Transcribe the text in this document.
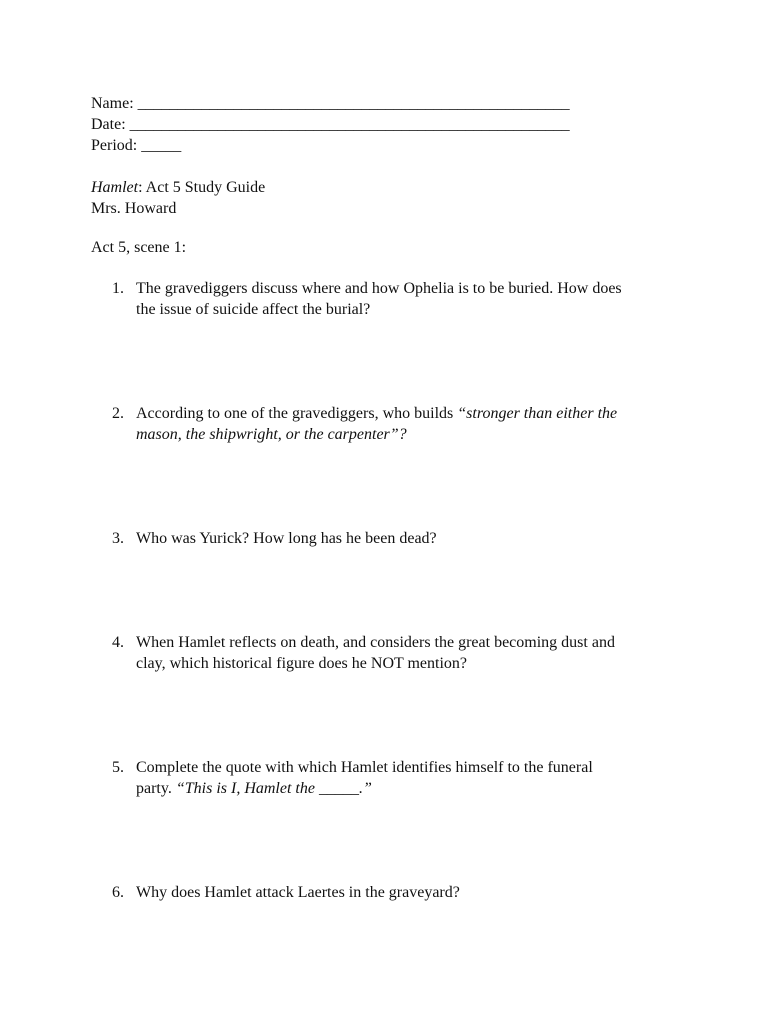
Name: ______________________________________________________
Date: _______________________________________________________
Period: _____
Hamlet: Act 5 Study Guide
Mrs. Howard
Act 5, scene 1:
1. The gravediggers discuss where and how Ophelia is to be buried. How does
the issue of suicide affect the burial?
2. According to one of the gravediggers, who builds “stronger than either the
mason, the shipwright, or the carpenter”?
3. Who was Yurick? How long has he been dead?
4. When Hamlet reflects on death, and considers the great becoming dust and
clay, which historical figure does he NOT mention?
5. Complete the quote with which Hamlet identifies himself to the funeral
party. “This is I, Hamlet the _____.”
6. Why does Hamlet attack Laertes in the graveyard?
